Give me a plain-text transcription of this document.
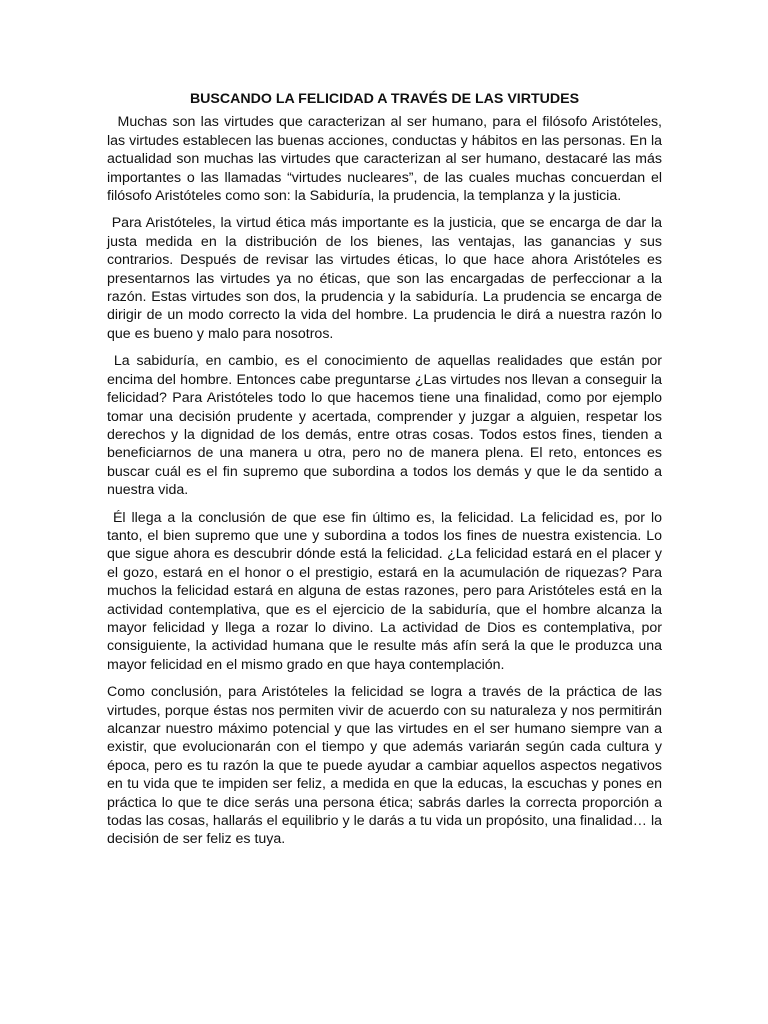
BUSCANDO LA FELICIDAD A TRAVÉS DE LAS VIRTUDES

Muchas son las virtudes que caracterizan al ser humano, para el filósofo Aristóteles, las virtudes establecen las buenas acciones, conductas y hábitos en las personas. En la actualidad son muchas las virtudes que caracterizan al ser humano, destacaré las más importantes o las llamadas “virtudes nucleares”, de las cuales muchas concuerdan el filósofo Aristóteles como son: la Sabiduría, la prudencia, la templanza y la justicia.

Para Aristóteles, la virtud ética más importante es la justicia, que se encarga de dar la justa medida en la distribución de los bienes, las ventajas, las ganancias y sus contrarios. Después de revisar las virtudes éticas, lo que hace ahora Aristóteles es presentarnos las virtudes ya no éticas, que son las encargadas de perfeccionar a la razón. Estas virtudes son dos, la prudencia y la sabiduría. La prudencia se encarga de dirigir de un modo correcto la vida del hombre. La prudencia le dirá a nuestra razón lo que es bueno y malo para nosotros.

La sabiduría, en cambio, es el conocimiento de aquellas realidades que están por encima del hombre. Entonces cabe preguntarse ¿Las virtudes nos llevan a conseguir la felicidad? Para Aristóteles todo lo que hacemos tiene una finalidad, como por ejemplo tomar una decisión prudente y acertada, comprender y juzgar a alguien, respetar los derechos y la dignidad de los demás, entre otras cosas. Todos estos fines, tienden a beneficiarnos de una manera u otra, pero no de manera plena. El reto, entonces es buscar cuál es el fin supremo que subordina a todos los demás y que le da sentido a nuestra vida.

Él llega a la conclusión de que ese fin último es, la felicidad. La felicidad es, por lo tanto, el bien supremo que une y subordina a todos los fines de nuestra existencia. Lo que sigue ahora es descubrir dónde está la felicidad. ¿La felicidad estará en el placer y el gozo, estará en el honor o el prestigio, estará en la acumulación de riquezas? Para muchos la felicidad estará en alguna de estas razones, pero para Aristóteles está en la actividad contemplativa, que es el ejercicio de la sabiduría, que el hombre alcanza la mayor felicidad y llega a rozar lo divino. La actividad de Dios es contemplativa, por consiguiente, la actividad humana que le resulte más afín será la que le produzca una mayor felicidad en el mismo grado en que haya contemplación.

Como conclusión, para Aristóteles la felicidad se logra a través de la práctica de las virtudes, porque éstas nos permiten vivir de acuerdo con su naturaleza y nos permitirán alcanzar nuestro máximo potencial y que las virtudes en el ser humano siempre van a existir, que evolucionarán con el tiempo y que además variarán según cada cultura y época, pero es tu razón la que te puede ayudar a cambiar aquellos aspectos negativos en tu vida que te impiden ser feliz, a medida en que la educas, la escuchas y pones en práctica lo que te dice serás una persona ética; sabrás darles la correcta proporción a todas las cosas, hallarás el equilibrio y le darás a tu vida un propósito, una finalidad… la decisión de ser feliz es tuya.
